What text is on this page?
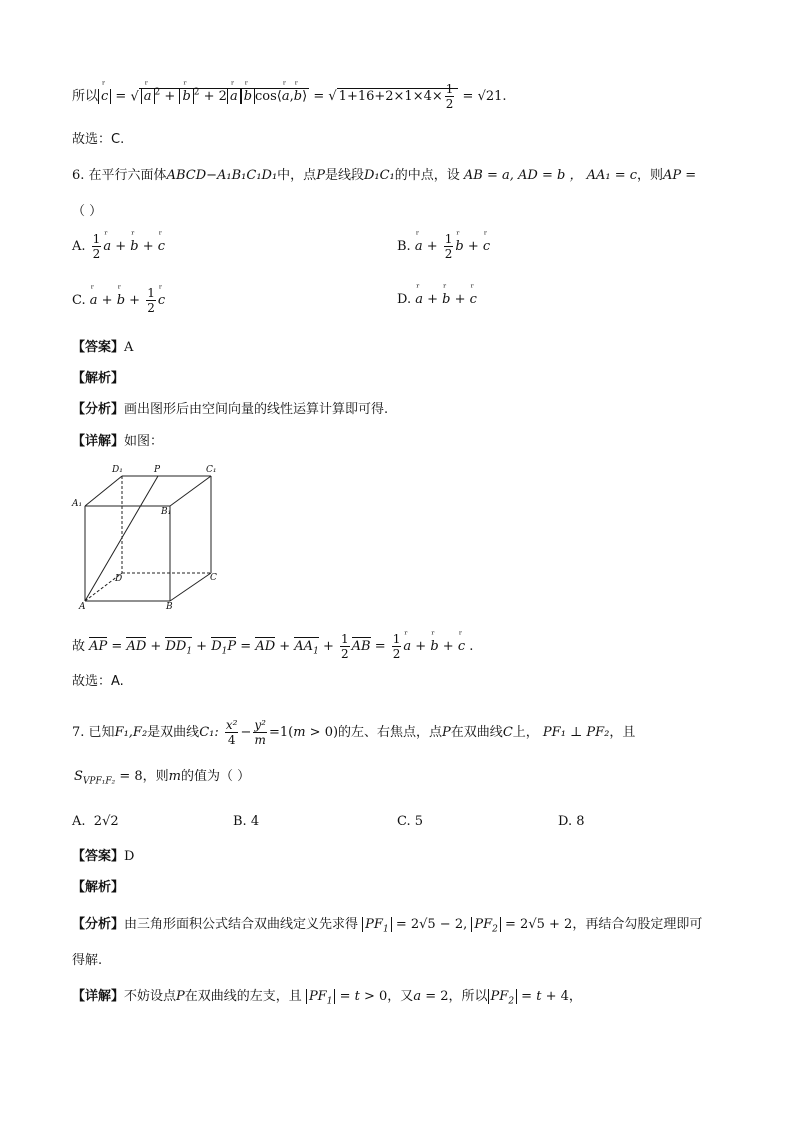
所以 ʳ c = √ ʳ a $^2$ + ʳ b $^2$ + 2 ʳ a ʳ b cos⟨ʳ a,ʳ b⟩ = √ $1+16+2\times 1\times 4\times \frac{1}{2} = √21$.
故选：C.
6. 在平行六面体ABCD−A₁B₁C₁D₁中，点P是线段D₁C₁的中点，设 AB = a, AD = b ， AA₁ = c，则AP =
（ ）
A. $\frac{1}{2}$ ʳ a + ʳ b + ʳ c	B. ʳ $a + \frac{1}{2}$ ʳ b + ʳ c
C. ʳ a + ʳ $b + \frac{1}{2}$ ʳ c	D. ʳ a + ʳ b + ʳ c
【答案】A
【解析】
【分析】画出图形后由空间向量的线性运算计算即可得.
【详解】如图：
D₁	P	C₁
A₁
B₁
D	C
A	B
故 AP = AD + $DD_1 + D_1P$ = AD + $AA_1 + \frac{1}{2}$ AB = $\frac{1}{2}$ ʳ a + ʳ b + ʳ c .
故选：A.
7. 已知F₁,F₂是双曲线C₁: $\frac{\text{x²}}{4} - \frac{\text{y²}}{m} =1(m > 0)$的左、右焦点，点P在双曲线C上， PF₁ ⊥ PF₂，且
$S_{VPF_1F_2} = 8$，则m的值为（ ）
A. 2√2	B. 4	C. 5	D. 8
【答案】D
【解析】
【分析】由三角形面积公式结合双曲线定义先求得 $PF_1 = 2√5 - 2$, $PF_2 = 2√5 + 2$，再结合勾股定理即可
得解.
【详解】不妨设点P在双曲线的左支，且 $PF_1 = t > 0$，又a = 2，所以 $PF_2 = t + 4$，
